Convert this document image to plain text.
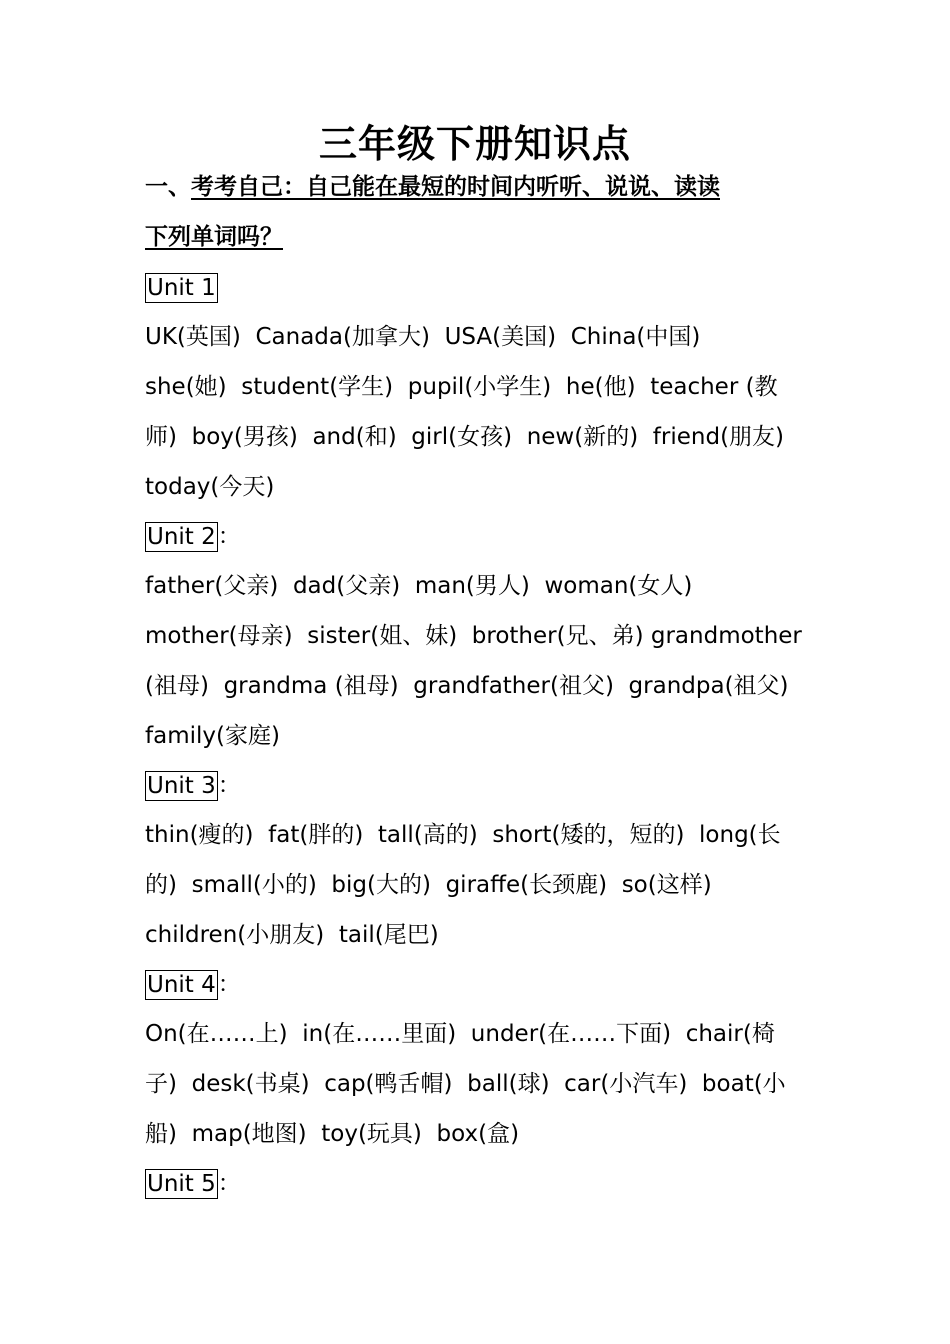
三年级下册知识点
一、考考自己：自己能在最短的时间内听听、说说、读读
下列单词吗？
Unit 1
UK(英国)  Canada(加拿大)  USA(美国)  China(中国)
she(她)  student(学生)  pupil(小学生)  he(他)  teacher (教
师)  boy(男孩)  and(和)  girl(女孩)  new(新的)  friend(朋友)
today(今天)
Unit 2：
father(父亲)  dad(父亲)  man(男人)  woman(女人)
mother(母亲)  sister(姐、妹)  brother(兄、弟) grandmother
(祖母)  grandma (祖母)  grandfather(祖父)  grandpa(祖父)
family(家庭)
Unit 3：
thin(瘦的)  fat(胖的)  tall(高的)  short(矮的，短的)  long(长
的)  small(小的)  big(大的)  giraffe(长颈鹿)  so(这样)
children(小朋友)  tail(尾巴)
Unit 4：
On(在……上)  in(在……里面)  under(在……下面)  chair(椅
子)  desk(书桌)  cap(鸭舌帽)  ball(球)  car(小汽车)  boat(小
船)  map(地图)  toy(玩具)  box(盒)
Unit 5：
